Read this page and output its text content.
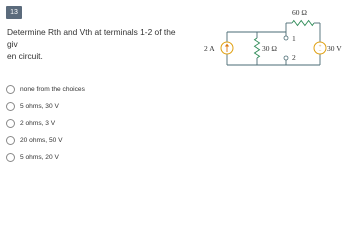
13
Determine Rth and Vth at terminals 1-2 of the giv
en circuit.
2 A	30 Ω
60 Ω
1
2
+
− 30 V
none from the choices
5 ohms, 30 V
2 ohms, 3 V
20 ohms, 50 V
5 ohms, 20 V
